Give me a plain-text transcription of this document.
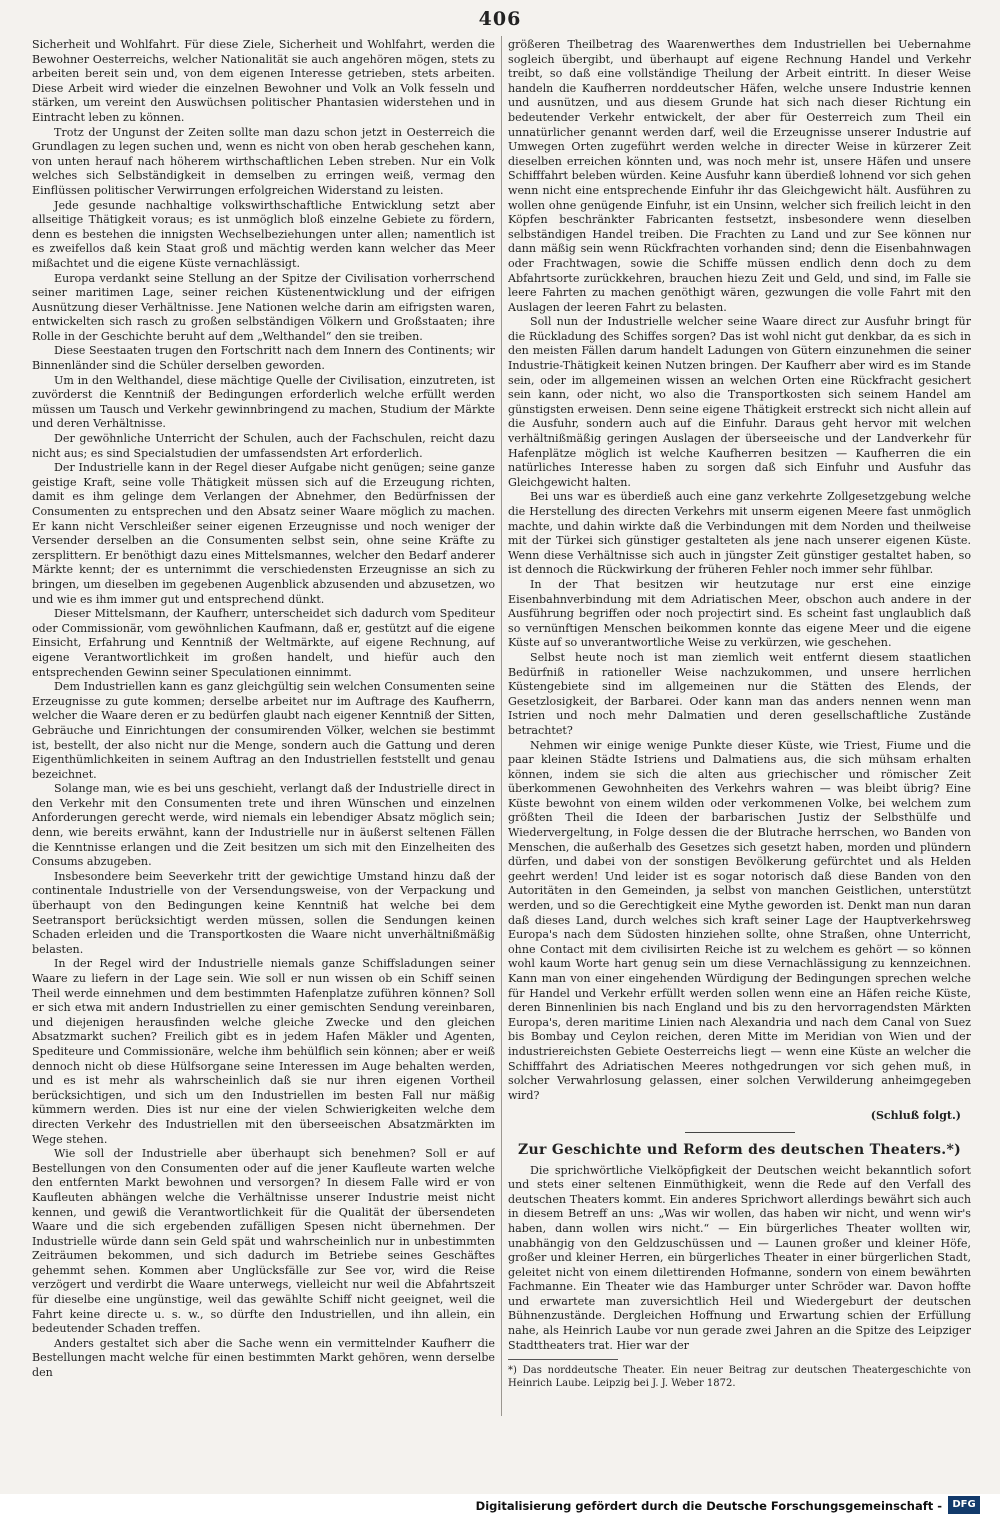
406

Sicherheit und Wohlfahrt. Für diese Ziele, Sicherheit und Wohlfahrt, werden die Bewohner Oesterreichs, welcher Nationalität sie auch angehören mögen, stets zu arbeiten bereit sein und, von dem eigenen Interesse getrieben, stets arbeiten. Diese Arbeit wird wieder die einzelnen Bewohner und Volk an Volk fesseln und stärken, um vereint den Auswüchsen politischer Phantasien widerstehen und in Eintracht leben zu können.

Trotz der Ungunst der Zeiten sollte man dazu schon jetzt in Oesterreich die Grundlagen zu legen suchen und, wenn es nicht von oben herab geschehen kann, von unten herauf nach höherem wirthschaftlichen Leben streben. Nur ein Volk welches sich Selbständigkeit in demselben zu erringen weiß, vermag den Einflüssen politischer Verwirrungen erfolgreichen Widerstand zu leisten.

Jede gesunde nachhaltige volkswirthschaftliche Entwicklung setzt aber allseitige Thätigkeit voraus; es ist unmöglich bloß einzelne Gebiete zu fördern, denn es bestehen die innigsten Wechselbeziehungen unter allen; namentlich ist es zweifellos daß kein Staat groß und mächtig werden kann welcher das Meer mißachtet und die eigene Küste vernachlässigt.

Europa verdankt seine Stellung an der Spitze der Civilisation vorherrschend seiner maritimen Lage, seiner reichen Küstenentwicklung und der eifrigen Ausnützung dieser Verhältnisse. Jene Nationen welche darin am eifrigsten waren, entwickelten sich rasch zu großen selbständigen Völkern und Großstaaten; ihre Rolle in der Geschichte beruht auf dem „Welthandel“ den sie treiben.

Diese Seestaaten trugen den Fortschritt nach dem Innern des Continents; wir Binnenländer sind die Schüler derselben geworden.

Um in den Welthandel, diese mächtige Quelle der Civilisation, einzutreten, ist zuvörderst die Kenntniß der Bedingungen erforderlich welche erfüllt werden müssen um Tausch und Verkehr gewinnbringend zu machen, Studium der Märkte und deren Verhältnisse.

Der gewöhnliche Unterricht der Schulen, auch der Fachschulen, reicht dazu nicht aus; es sind Specialstudien der umfassendsten Art erforderlich.

Der Industrielle kann in der Regel dieser Aufgabe nicht genügen; seine ganze geistige Kraft, seine volle Thätigkeit müssen sich auf die Erzeugung richten, damit es ihm gelinge dem Verlangen der Abnehmer, den Bedürfnissen der Consumenten zu entsprechen und den Absatz seiner Waare möglich zu machen. Er kann nicht Verschleißer seiner eigenen Erzeugnisse und noch weniger der Versender derselben an die Consumenten selbst sein, ohne seine Kräfte zu zersplittern. Er benöthigt dazu eines Mittelsmannes, welcher den Bedarf anderer Märkte kennt; der es unternimmt die verschiedensten Erzeugnisse an sich zu bringen, um dieselben im gegebenen Augenblick abzusenden und abzusetzen, wo und wie es ihm immer gut und entsprechend dünkt.

Dieser Mittelsmann, der Kaufherr, unterscheidet sich dadurch vom Spediteur oder Commissionär, vom gewöhnlichen Kaufmann, daß er, gestützt auf die eigene Einsicht, Erfahrung und Kenntniß der Weltmärkte, auf eigene Rechnung, auf eigene Verantwortlichkeit im großen handelt, und hiefür auch den entsprechenden Gewinn seiner Speculationen einnimmt.

Dem Industriellen kann es ganz gleichgültig sein welchen Consumenten seine Erzeugnisse zu gute kommen; derselbe arbeitet nur im Auftrage des Kaufherrn, welcher die Waare deren er zu bedürfen glaubt nach eigener Kenntniß der Sitten, Gebräuche und Einrichtungen der consumirenden Völker, welchen sie bestimmt ist, bestellt, der also nicht nur die Menge, sondern auch die Gattung und deren Eigenthümlichkeiten in seinem Auftrag an den Industriellen feststellt und genau bezeichnet.

Solange man, wie es bei uns geschieht, verlangt daß der Industrielle direct in den Verkehr mit den Consumenten trete und ihren Wünschen und einzelnen Anforderungen gerecht werde, wird niemals ein lebendiger Absatz möglich sein; denn, wie bereits erwähnt, kann der Industrielle nur in äußerst seltenen Fällen die Kenntnisse erlangen und die Zeit besitzen um sich mit den Einzelheiten des Consums abzugeben.

Insbesondere beim Seeverkehr tritt der gewichtige Umstand hinzu daß der continentale Industrielle von der Versendungsweise, von der Verpackung und überhaupt von den Bedingungen keine Kenntniß hat welche bei dem Seetransport berücksichtigt werden müssen, sollen die Sendungen keinen Schaden erleiden und die Transportkosten die Waare nicht unverhältnißmäßig belasten.

In der Regel wird der Industrielle niemals ganze Schiffsladungen seiner Waare zu liefern in der Lage sein. Wie soll er nun wissen ob ein Schiff seinen Theil werde einnehmen und dem bestimmten Hafenplatze zuführen können? Soll er sich etwa mit andern Industriellen zu einer gemischten Sendung vereinbaren, und diejenigen herausfinden welche gleiche Zwecke und den gleichen Absatzmarkt suchen? Freilich gibt es in jedem Hafen Mäkler und Agenten, Spediteure und Commissionäre, welche ihm behülflich sein können; aber er weiß dennoch nicht ob diese Hülfsorgane seine Interessen im Auge behalten werden, und es ist mehr als wahrscheinlich daß sie nur ihren eigenen Vortheil berücksichtigen, und sich um den Industriellen im besten Fall nur mäßig kümmern werden. Dies ist nur eine der vielen Schwierigkeiten welche dem directen Verkehr des Industriellen mit den überseeischen Absatzmärkten im Wege stehen.

Wie soll der Industrielle aber überhaupt sich benehmen? Soll er auf Bestellungen von den Consumenten oder auf die jener Kaufleute warten welche den entfernten Markt bewohnen und versorgen? In diesem Falle wird er von Kaufleuten abhängen welche die Verhältnisse unserer Industrie meist nicht kennen, und gewiß die Verantwortlichkeit für die Qualität der übersendeten Waare und die sich ergebenden zufälligen Spesen nicht übernehmen. Der Industrielle würde dann sein Geld spät und wahrscheinlich nur in unbestimmten Zeiträumen bekommen, und sich dadurch im Betriebe seines Geschäftes gehemmt sehen. Kommen aber Unglücksfälle zur See vor, wird die Reise verzögert und verdirbt die Waare unterwegs, vielleicht nur weil die Abfahrtszeit für dieselbe eine ungünstige, weil das gewählte Schiff nicht geeignet, weil die Fahrt keine directe u. s. w., so dürfte den Industriellen, und ihn allein, ein bedeutender Schaden treffen.

Anders gestaltet sich aber die Sache wenn ein vermittelnder Kaufherr die Bestellungen macht welche für einen bestimmten Markt gehören, wenn derselbe den

größeren Theilbetrag des Waarenwerthes dem Industriellen bei Uebernahme sogleich übergibt, und überhaupt auf eigene Rechnung Handel und Verkehr treibt, so daß eine vollständige Theilung der Arbeit eintritt. In dieser Weise handeln die Kaufherren norddeutscher Häfen, welche unsere Industrie kennen und ausnützen, und aus diesem Grunde hat sich nach dieser Richtung ein bedeutender Verkehr entwickelt, der aber für Oesterreich zum Theil ein unnatürlicher genannt werden darf, weil die Erzeugnisse unserer Industrie auf Umwegen Orten zugeführt werden welche in directer Weise in kürzerer Zeit dieselben erreichen könnten und, was noch mehr ist, unsere Häfen und unsere Schifffahrt beleben würden. Keine Ausfuhr kann überdieß lohnend vor sich gehen wenn nicht eine entsprechende Einfuhr ihr das Gleichgewicht hält. Ausführen zu wollen ohne genügende Einfuhr, ist ein Unsinn, welcher sich freilich leicht in den Köpfen beschränkter Fabricanten festsetzt, insbesondere wenn dieselben selbständigen Handel treiben. Die Frachten zu Land und zur See können nur dann mäßig sein wenn Rückfrachten vorhanden sind; denn die Eisenbahnwagen oder Frachtwagen, sowie die Schiffe müssen endlich denn doch zu dem Abfahrtsorte zurückkehren, brauchen hiezu Zeit und Geld, und sind, im Falle sie leere Fahrten zu machen genöthigt wären, gezwungen die volle Fahrt mit den Auslagen der leeren Fahrt zu belasten.

Soll nun der Industrielle welcher seine Waare direct zur Ausfuhr bringt für die Rückladung des Schiffes sorgen? Das ist wohl nicht gut denkbar, da es sich in den meisten Fällen darum handelt Ladungen von Gütern einzunehmen die seiner Industrie-Thätigkeit keinen Nutzen bringen. Der Kaufherr aber wird es im Stande sein, oder im allgemeinen wissen an welchen Orten eine Rückfracht gesichert sein kann, oder nicht, wo also die Transportkosten sich seinem Handel am günstigsten erweisen. Denn seine eigene Thätigkeit erstreckt sich nicht allein auf die Ausfuhr, sondern auch auf die Einfuhr. Daraus geht hervor mit welchen verhältnißmäßig geringen Auslagen der überseeische und der Landverkehr für Hafenplätze möglich ist welche Kaufherren besitzen — Kaufherren die ein natürliches Interesse haben zu sorgen daß sich Einfuhr und Ausfuhr das Gleichgewicht halten.

Bei uns war es überdieß auch eine ganz verkehrte Zollgesetzgebung welche die Herstellung des directen Verkehrs mit unserm eigenen Meere fast unmöglich machte, und dahin wirkte daß die Verbindungen mit dem Norden und theilweise mit der Türkei sich günstiger gestalteten als jene nach unserer eigenen Küste. Wenn diese Verhältnisse sich auch in jüngster Zeit günstiger gestaltet haben, so ist dennoch die Rückwirkung der früheren Fehler noch immer sehr fühlbar.

In der That besitzen wir heutzutage nur erst eine einzige Eisenbahnverbindung mit dem Adriatischen Meer, obschon auch andere in der Ausführung begriffen oder noch projectirt sind. Es scheint fast unglaublich daß so vernünftigen Menschen beikommen konnte das eigene Meer und die eigene Küste auf so unverantwortliche Weise zu verkürzen, wie geschehen.

Selbst heute noch ist man ziemlich weit entfernt diesem staatlichen Bedürfniß in rationeller Weise nachzukommen, und unsere herrlichen Küstengebiete sind im allgemeinen nur die Stätten des Elends, der Gesetzlosigkeit, der Barbarei. Oder kann man das anders nennen wenn man Istrien und noch mehr Dalmatien und deren gesellschaftliche Zustände betrachtet?

Nehmen wir einige wenige Punkte dieser Küste, wie Triest, Fiume und die paar kleinen Städte Istriens und Dalmatiens aus, die sich mühsam erhalten können, indem sie sich die alten aus griechischer und römischer Zeit überkommenen Gewohnheiten des Verkehrs wahren — was bleibt übrig? Eine Küste bewohnt von einem wilden oder verkommenen Volke, bei welchem zum größten Theil die Ideen der barbarischen Justiz der Selbsthülfe und Wiedervergeltung, in Folge dessen die der Blutrache herrschen, wo Banden von Menschen, die außerhalb des Gesetzes sich gesetzt haben, morden und plündern dürfen, und dabei von der sonstigen Bevölkerung gefürchtet und als Helden geehrt werden! Und leider ist es sogar notorisch daß diese Banden von den Autoritäten in den Gemeinden, ja selbst von manchen Geistlichen, unterstützt werden, und so die Gerechtigkeit eine Mythe geworden ist. Denkt man nun daran daß dieses Land, durch welches sich kraft seiner Lage der Hauptverkehrsweg Europa's nach dem Südosten hinziehen sollte, ohne Straßen, ohne Unterricht, ohne Contact mit dem civilisirten Reiche ist zu welchem es gehört — so können wohl kaum Worte hart genug sein um diese Vernachlässigung zu kennzeichnen. Kann man von einer eingehenden Würdigung der Bedingungen sprechen welche für Handel und Verkehr erfüllt werden sollen wenn eine an Häfen reiche Küste, deren Binnenlinien bis nach England und bis zu den hervorragendsten Märkten Europa's, deren maritime Linien nach Alexandria und nach dem Canal von Suez bis Bombay und Ceylon reichen, deren Mitte im Meridian von Wien und der industriereichsten Gebiete Oesterreichs liegt — wenn eine Küste an welcher die Schifffahrt des Adriatischen Meeres nothgedrungen vor sich gehen muß, in solcher Verwahrlosung gelassen, einer solchen Verwilderung anheimgegeben wird?

(Schluß folgt.)

Zur Geschichte und Reform des deutschen Theaters.*)

Die sprichwörtliche Vielköpfigkeit der Deutschen weicht bekanntlich sofort und stets einer seltenen Einmüthigkeit, wenn die Rede auf den Verfall des deutschen Theaters kommt. Ein anderes Sprichwort allerdings bewährt sich auch in diesem Betreff an uns: „Was wir wollen, das haben wir nicht, und wenn wir's haben, dann wollen wirs nicht.“ — Ein bürgerliches Theater wollten wir, unabhängig von den Geldzuschüssen und — Launen großer und kleiner Höfe, großer und kleiner Herren, ein bürgerliches Theater in einer bürgerlichen Stadt, geleitet nicht von einem dilettirenden Hofmanne, sondern von einem bewährten Fachmanne. Ein Theater wie das Hamburger unter Schröder war. Davon hoffte und erwartete man zuversichtlich Heil und Wiedergeburt der deutschen Bühnenzustände. Dergleichen Hoffnung und Erwartung schien der Erfüllung nahe, als Heinrich Laube vor nun gerade zwei Jahren an die Spitze des Leipziger Stadttheaters trat. Hier war der

*) Das norddeutsche Theater. Ein neuer Beitrag zur deutschen Theatergeschichte von Heinrich Laube. Leipzig bei J. J. Weber 1872.

Digitalisierung gefördert durch die Deutsche Forschungsgemeinschaft -	DFG
